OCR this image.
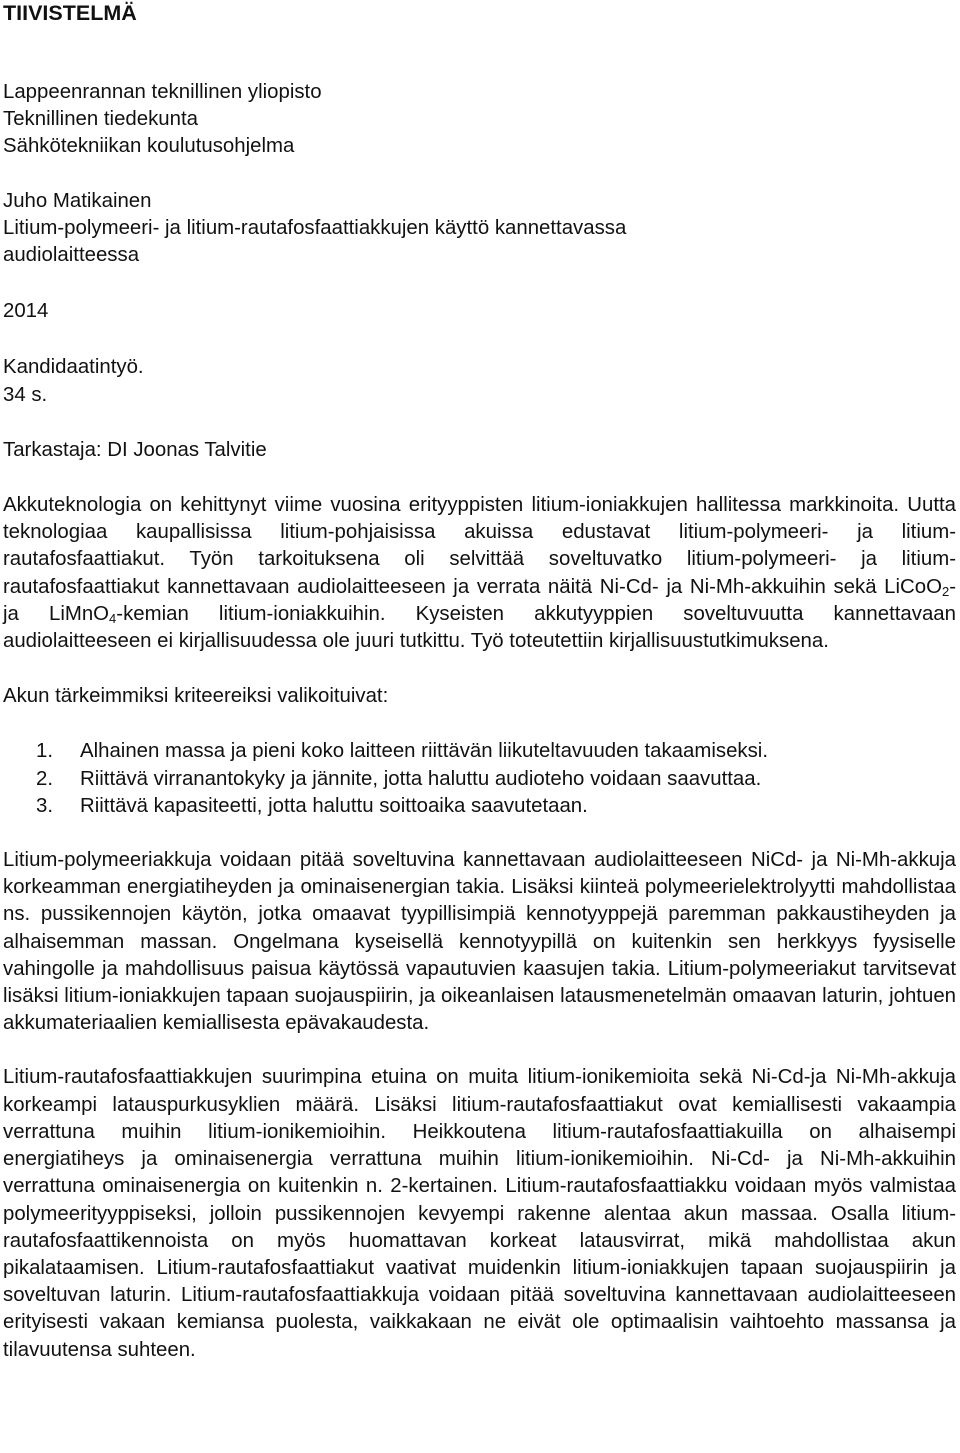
TIIVISTELMÄ

Lappeenrannan teknillinen yliopisto

Teknillinen tiedekunta

Sähkötekniikan koulutusohjelma

Juho Matikainen

Litium-polymeeri- ja litium-rautafosfaattiakkujen käyttö kannettavassa

audiolaitteessa

2014

Kandidaatintyö.

34 s.

Tarkastaja: DI Joonas Talvitie

Akkuteknologia on kehittynyt viime vuosina erityyppisten litium-ioniakkujen hallitessa markkinoita. Uutta teknologiaa kaupallisissa litium-pohjaisissa akuissa edustavat litium-polymeeri- ja litium-rautafosfaattiakut. Työn tarkoituksena oli selvittää soveltuvatko litium-polymeeri- ja litium-rautafosfaattiakut kannettavaan audiolaitteeseen ja verrata näitä Ni-Cd- ja Ni-Mh-akkuihin sekä LiCoO$_2$- ja LiMnO$_4$-kemian litium-ioniakkuihin. Kyseisten akkutyyppien soveltuvuutta kannettavaan audiolaitteeseen ei kirjallisuudessa ole juuri tutkittu. Työ toteutettiin kirjallisuustutkimuksena.

Akun tärkeimmiksi kriteereiksi valikoituivat:

1. Alhainen massa ja pieni koko laitteen riittävän liikuteltavuuden takaamiseksi.
2. Riittävä virranantokyky ja jännite, jotta haluttu audioteho voidaan saavuttaa.
3. Riittävä kapasiteetti, jotta haluttu soittoaika saavutetaan.

Litium-polymeeriakkuja voidaan pitää soveltuvina kannettavaan audiolaitteeseen NiCd- ja Ni-Mh-akkuja korkeamman energiatiheyden ja ominaisenergian takia. Lisäksi kiinteä polymeerielektrolyytti mahdollistaa ns. pussikennojen käytön, jotka omaavat tyypillisimpiä kennotyyppejä paremman pakkaustiheyden ja alhaisemman massan. Ongelmana kyseisellä kennotyypillä on kuitenkin sen herkkyys fyysiselle vahingolle ja mahdollisuus paisua käytössä vapautuvien kaasujen takia. Litium-polymeeriakut tarvitsevat lisäksi litium-ioniakkujen tapaan suojauspiirin, ja oikeanlaisen latausmenetelmän omaavan laturin, johtuen akkumateriaalien kemiallisesta epävakaudesta.

Litium-rautafosfaattiakkujen suurimpina etuina on muita litium-ionikemioita sekä Ni-Cd-ja Ni-Mh-akkuja korkeampi latauspurkusyklien määrä. Lisäksi litium-rautafosfaattiakut ovat kemiallisesti vakaampia verrattuna muihin litium-ionikemioihin. Heikkoutena litium-rautafosfaattiakuilla on alhaisempi energiatiheys ja ominaisenergia verrattuna muihin litium-ionikemioihin. Ni-Cd- ja Ni-Mh-akkuihin verrattuna ominaisenergia on kuitenkin n. 2-kertainen. Litium-rautafosfaattiakku voidaan myös valmistaa polymeerityyppiseksi, jolloin pussikennojen kevyempi rakenne alentaa akun massaa. Osalla litium-rautafosfaattikennoista on myös huomattavan korkeat latausvirrat, mikä mahdollistaa akun pikalataamisen. Litium-rautafosfaattiakut vaativat muidenkin litium-ioniakkujen tapaan suojauspiirin ja soveltuvan laturin. Litium-rautafosfaattiakkuja voidaan pitää soveltuvina kannettavaan audiolaitteeseen erityisesti vakaan kemiansa puolesta, vaikkakaan ne eivät ole optimaalisin vaihtoehto massansa ja tilavuutensa suhteen.
